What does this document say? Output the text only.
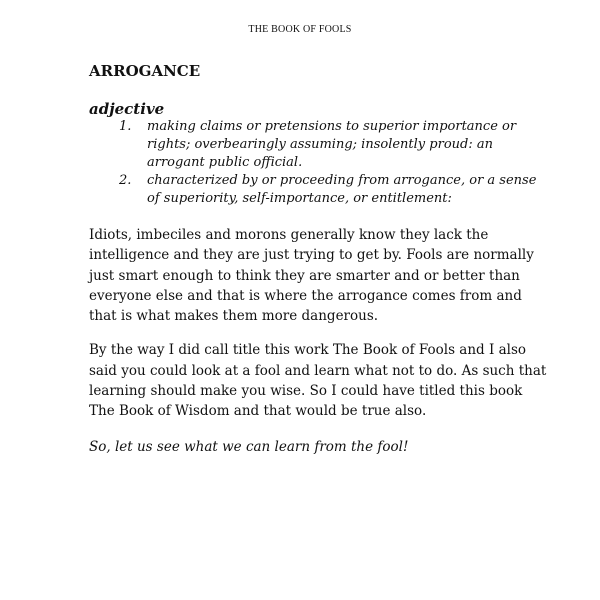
THE BOOK OF FOOLS
ARROGANCE
adjective
1. making claims or pretensions to superior importance or rights; overbearingly assuming; insolently proud: an arrogant public official.
2. characterized by or proceeding from arrogance, or a sense of superiority, self-importance, or entitlement:

Idiots, imbeciles and morons generally know they lack the intelligence and they are just trying to get by. Fools are normally just smart enough to think they are smarter and or better than everyone else and that is where the arrogance comes from and that is what makes them more dangerous.

By the way I did call title this work The Book of Fools and I also said you could look at a fool and learn what not to do. As such that learning should make you wise. So I could have titled this book The Book of Wisdom and that would be true also.

So, let us see what we can learn from the fool!
